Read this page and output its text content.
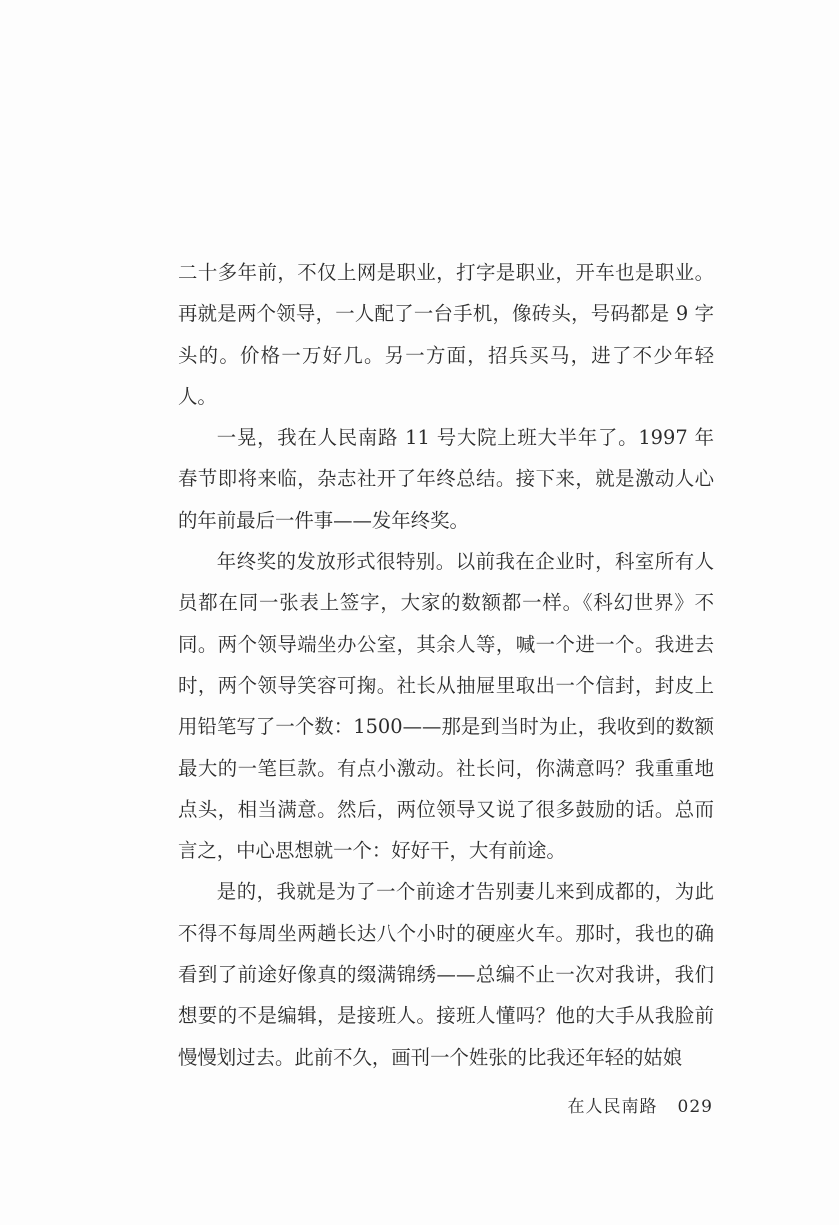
二十多年前，不仅上网是职业，打字是职业，开车也是职业。再就是两个领导，一人配了一台手机，像砖头，号码都是 9 字头的。价格一万好几。另一方面，招兵买马，进了不少年轻人。

一晃，我在人民南路 11 号大院上班大半年了。1997 年春节即将来临，杂志社开了年终总结。接下来，就是激动人心的年前最后一件事——发年终奖。

年终奖的发放形式很特别。以前我在企业时，科室所有人员都在同一张表上签字，大家的数额都一样。《科幻世界》不同。两个领导端坐办公室，其余人等，喊一个进一个。我进去时，两个领导笑容可掬。社长从抽屉里取出一个信封，封皮上用铅笔写了一个数：1500——那是到当时为止，我收到的数额最大的一笔巨款。有点小激动。社长问，你满意吗？我重重地点头，相当满意。然后，两位领导又说了很多鼓励的话。总而言之，中心思想就一个：好好干，大有前途。

是的，我就是为了一个前途才告别妻儿来到成都的，为此不得不每周坐两趟长达八个小时的硬座火车。那时，我也的确看到了前途好像真的缀满锦绣——总编不止一次对我讲，我们想要的不是编辑，是接班人。接班人懂吗？他的大手从我脸前慢慢划过去。此前不久，画刊一个姓张的比我还年轻的姑娘

在人民南路 029
